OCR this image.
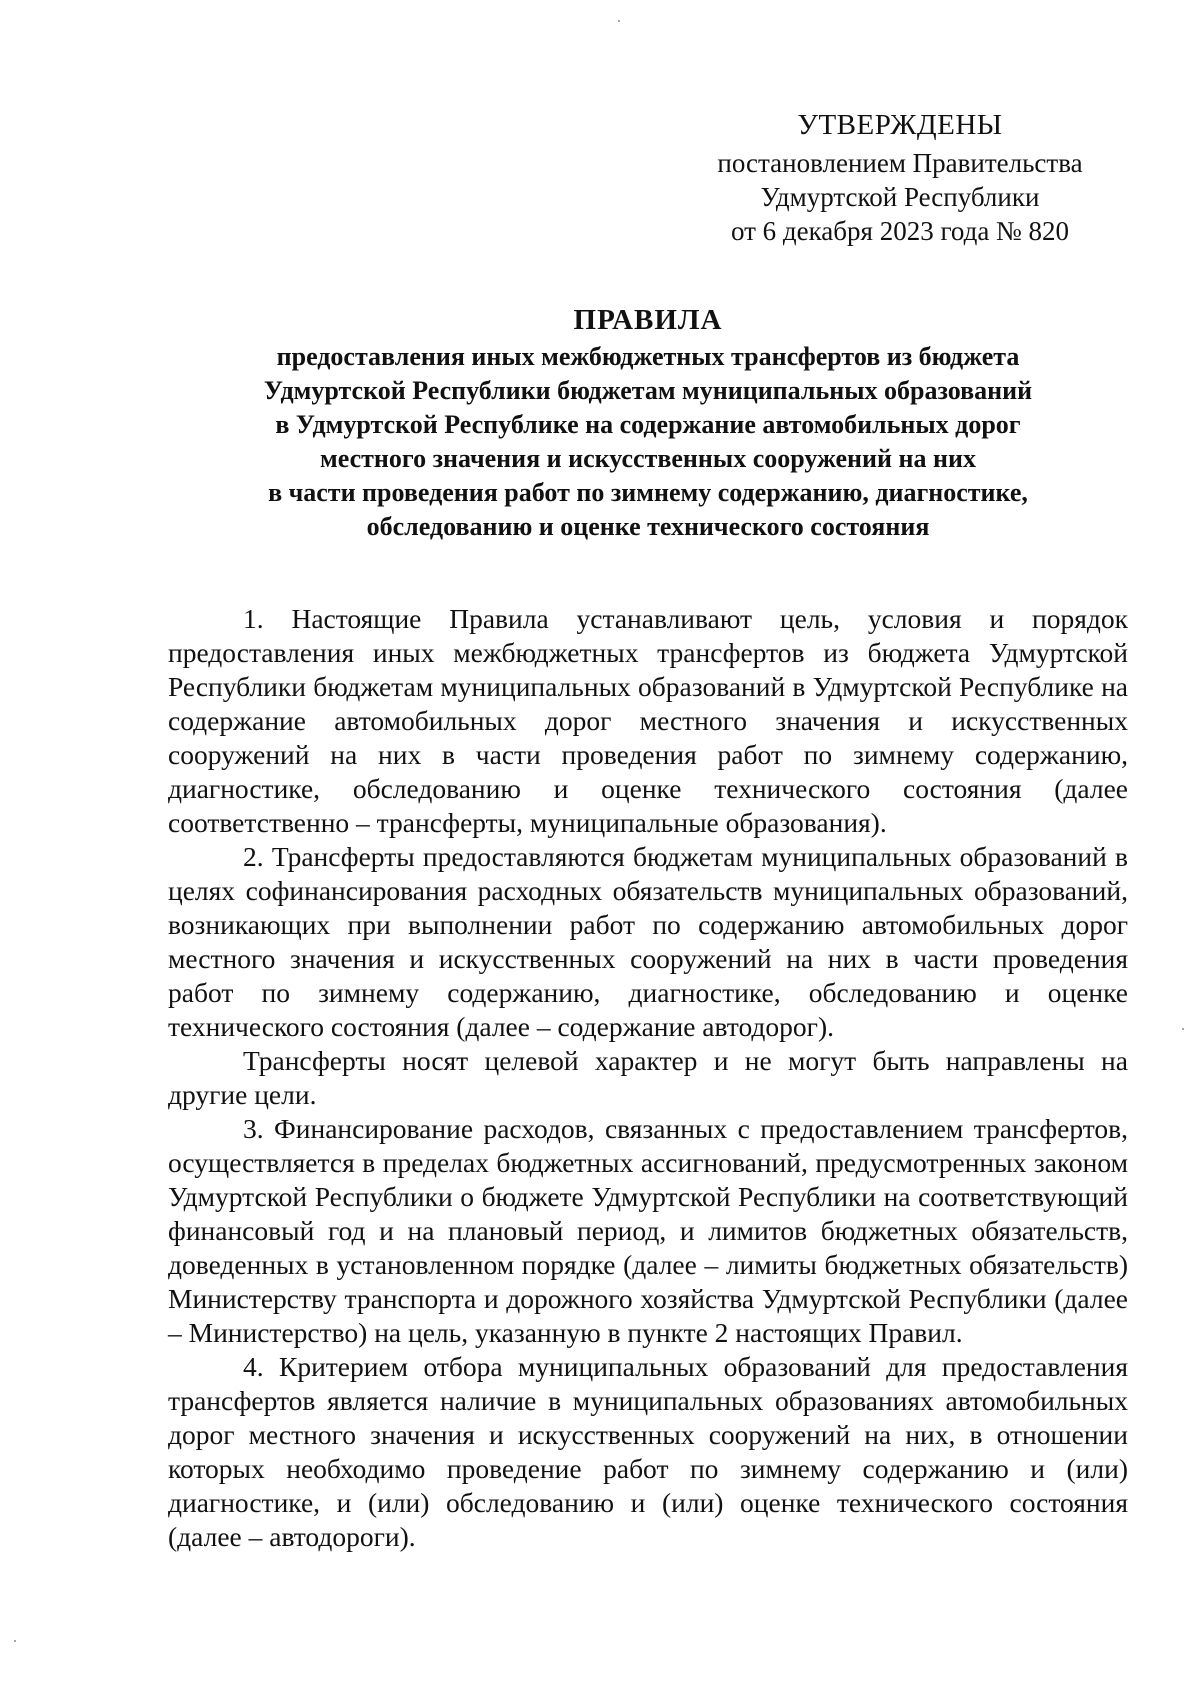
УТВЕРЖДЕНЫ
постановлением Правительства
Удмуртской Республики
от 6 декабря 2023 года № 820
ПРАВИЛА
предоставления иных межбюджетных трансфертов из бюджета
Удмуртской Республики бюджетам муниципальных образований
в Удмуртской Республике на содержание автомобильных дорог
местного значения и искусственных сооружений на них
в части проведения работ по зимнему содержанию, диагностике,
обследованию и оценке технического состояния

1. Настоящие Правила устанавливают цель, условия и порядок предоставления иных межбюджетных трансфертов из бюджета Удмуртской Республики бюджетам муниципальных образований в Удмуртской Республике на содержание автомобильных дорог местного значения и искусственных сооружений на них в части проведения работ по зимнему содержанию, диагностике, обследованию и оценке технического состояния (далее соответственно – трансферты, муниципальные образования).

2. Трансферты предоставляются бюджетам муниципальных образований в целях софинансирования расходных обязательств муниципальных образований, возникающих при выполнении работ по содержанию автомобильных дорог местного значения и искусственных сооружений на них в части проведения работ по зимнему содержанию, диагностике, обследованию и оценке технического состояния (далее – содержание автодорог).

Трансферты носят целевой характер и не могут быть направлены на другие цели.

3. Финансирование расходов, связанных с предоставлением трансфертов, осуществляется в пределах бюджетных ассигнований, предусмотренных законом Удмуртской Республики о бюджете Удмуртской Республики на соответствующий финансовый год и на плановый период, и лимитов бюджетных обязательств, доведенных в установленном порядке (далее – лимиты бюджетных обязательств) Министерству транспорта и дорожного хозяйства Удмуртской Республики (далее – Министерство) на цель, указанную в пункте 2 настоящих Правил.

4. Критерием отбора муниципальных образований для предоставления трансфертов является наличие в муниципальных образованиях автомобильных дорог местного значения и искусственных сооружений на них, в отношении которых необходимо проведение работ по зимнему содержанию и (или) диагностике, и (или) обследованию и (или) оценке технического состояния (далее – автодороги).
